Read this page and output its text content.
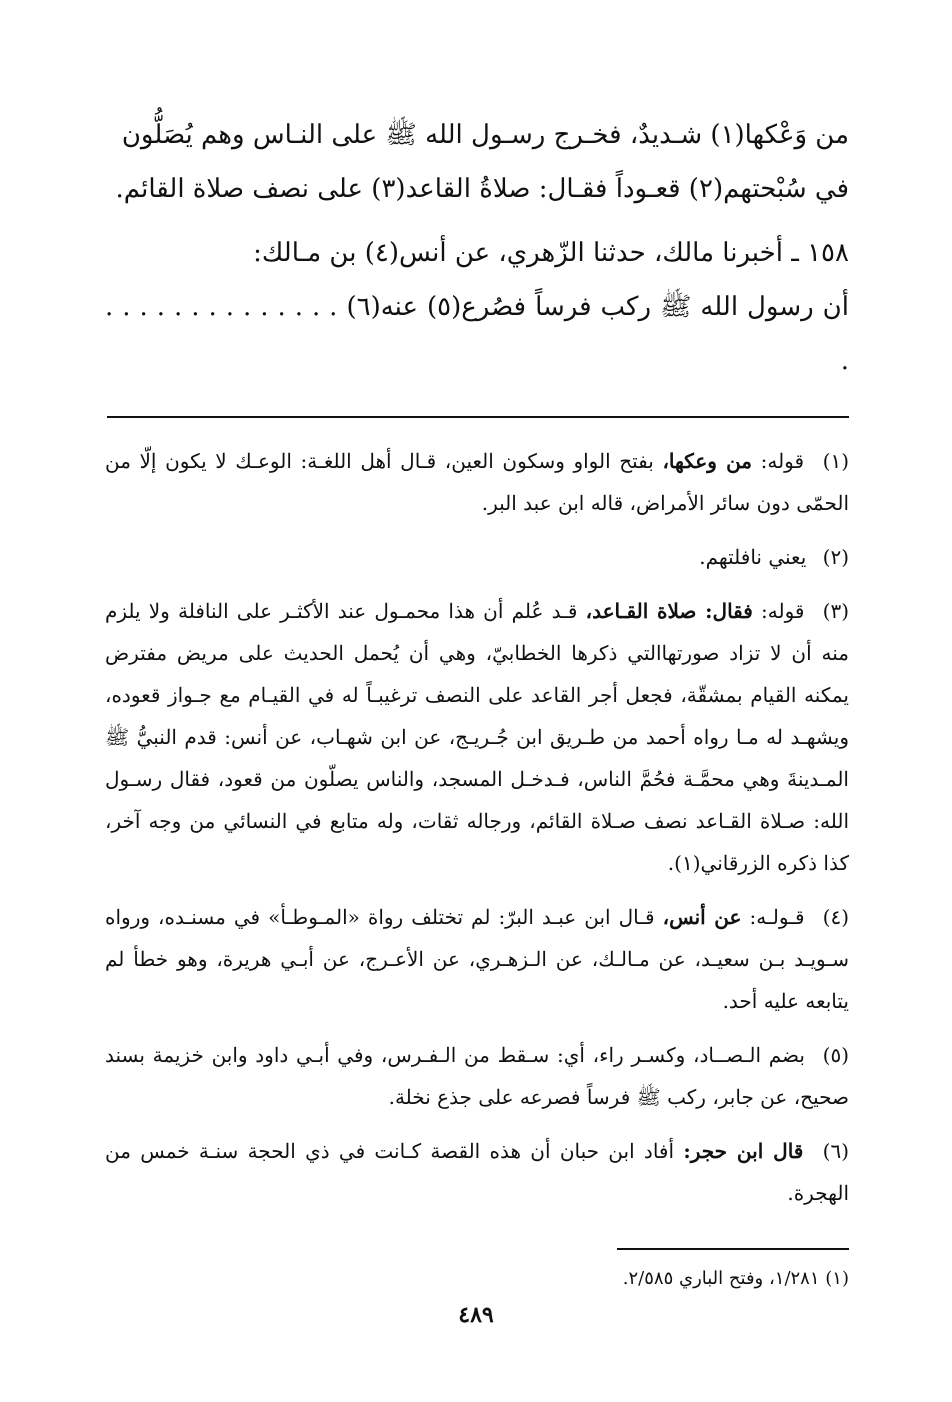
من وَعْكها(١) شـديدٌ، فخـرج رسـول الله ﷺ على النـاس وهم يُصَلُّون

في سُبْحتهم(٢) قعـوداً فقـال: صلاةُ القاعد(٣) على نصف صلاة القائم.

١٥٨ ـ أخبرنا مالك، حدثنا الزّهري، عن أنس(٤) بن مـالك:

أن رسول الله ﷺ ركب فرساً فصُرع(٥) عنه(٦) . . . . . . . . . . . . . . .

(١) قوله: من وعكها، بفتح الواو وسكون العين، قـال أهل اللغـة: الوعـك لا يكون إلّا من الحمّى دون سائر الأمراض، قاله ابن عبد البر.

(٢) يعني نافلتهم.

(٣) قوله: فقال: صلاة القـاعد، قـد عُلم أن هذا محمـول عند الأكثـر على النافلة ولا يلزم منه أن لا تزاد صورتهاالتي ذكرها الخطابيّ، وهي أن يُحمل الحديث على مريض مفترض يمكنه القيام بمشقّة، فجعل أجر القاعد على النصف ترغيبـاً له في القيـام مع جـواز قعوده، ويشهـد له مـا رواه أحمد من طـريق ابن جُـريـج، عن ابن شهـاب، عن أنس: قدم النبيُّ ﷺ المـدينةَ وهي محمَّـة فحُمَّ الناس، فـدخـل المسجد، والناس يصلّون من قعود، فقال رسـول الله: صـلاة القـاعد نصف صـلاة القائم، ورجاله ثقات، وله متابع في النسائي من وجه آخر، كذا ذكره الزرقاني(١).

(٤) قـولـه: عن أنس، قـال ابن عبـد البرّ: لم تختلف رواة «المـوطـأ» في مسنـده، ورواه سـويـد بـن سعيـد، عن مـالـك، عن الـزهـري، عن الأعـرج، عن أبـي هريرة، وهو خطأ لم يتابعه عليه أحد.

(٥) بضم الـصــاد، وكسـر راء، أي: سـقط من الـفـرس، وفي أبـي داود وابن خزيمة بسند صحيح، عن جابر، ركب ﷺ فرساً فصرعه على جذع نخلة.

(٦) قال ابن حجر: أفاد ابن حبان أن هذه القصة كـانت في ذي الحجة سنـة خمس من الهجرة.

(١) ١/٢٨١، وفتح الباري ٢/٥٨٥.

٤٨٩
